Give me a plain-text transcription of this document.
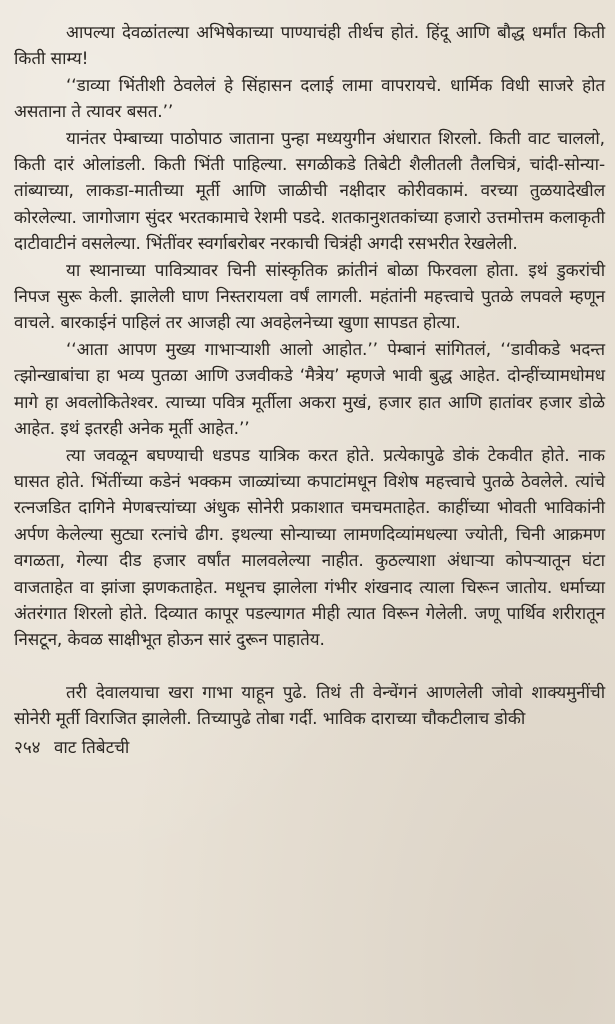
आपल्या देवळांतल्या अभिषेकाच्या पाण्याचंही तीर्थच होतं. हिंदू आणि बौद्ध धर्मांत किती किती साम्य!

‘‘डाव्या भिंतीशी ठेवलेलं हे सिंहासन दलाई लामा वापरायचे. धार्मिक विधी साजरे होत असताना ते त्यावर बसत.’’

यानंतर पेम्बाच्या पाठोपाठ जाताना पुन्हा मध्ययुगीन अंधारात शिरलो. किती वाट चाललो, किती दारं ओलांडली. किती भिंती पाहिल्या. सगळीकडे तिबेटी शैलीतली तैलचित्रं, चांदी-सोन्या-तांब्याच्या, लाकडा-मातीच्या मूर्ती आणि जाळीची नक्षीदार कोरीवकामं. वरच्या तुळयादेखील कोरलेल्या. जागोजाग सुंदर भरतकामाचे रेशमी पडदे. शतकानुशतकांच्या हजारो उत्तमोत्तम कलाकृती दाटीवाटीनं वसलेल्या. भिंतींवर स्वर्गाबरोबर नरकाची चित्रंही अगदी रसभरीत रेखलेली.

या स्थानाच्या पावित्र्यावर चिनी सांस्कृतिक क्रांतीनं बोळा फिरवला होता. इथं डुकरांची निपज सुरू केली. झालेली घाण निस्तरायला वर्षं लागली. महंतांनी महत्त्वाचे पुतळे लपवले म्हणून वाचले. बारकाईनं पाहिलं तर आजही त्या अवहेलनेच्या खुणा सापडत होत्या.

‘‘आता आपण मुख्य गाभाऱ्याशी आलो आहोत.’’ पेम्बानं सांगितलं, ‘‘डावीकडे भदन्त त्झोन्खाबांचा हा भव्य पुतळा आणि उजवीकडे ‘मैत्रेय’ म्हणजे भावी बुद्ध आहेत. दोन्हींच्यामधोमध मागे हा अवलोकितेश्वर. त्याच्या पवित्र मूर्तीला अकरा मुखं, हजार हात आणि हातांवर हजार डोळे आहेत. इथं इतरही अनेक मूर्ती आहेत.’’

त्या जवळून बघण्याची धडपड यात्रिक करत होते. प्रत्येकापुढे डोकं टेकवीत होते. नाक घासत होते. भिंतींच्या कडेनं भक्कम जाळ्यांच्या कपाटांमधून विशेष महत्त्वाचे पुतळे ठेवलेले. त्यांचे रत्नजडित दागिने मेणबत्त्यांच्या अंधुक सोनेरी प्रकाशात चमचमताहेत. काहींच्या भोवती भाविकांनी अर्पण केलेल्या सुट्या रत्नांचे ढीग. इथल्या सोन्याच्या लामणदिव्यांमधल्या ज्योती, चिनी आक्रमण वगळता, गेल्या दीड हजार वर्षांत मालवलेल्या नाहीत. कुठल्याशा अंधाऱ्या कोपऱ्यातून घंटा वाजताहेत वा झांजा झणकताहेत. मधूनच झालेला गंभीर शंखनाद त्याला चिरून जातोय. धर्माच्या अंतरंगात शिरलो होते. दिव्यात कापूर पडल्यागत मीही त्यात विरून गेलेली. जणू पार्थिव शरीरातून निसटून, केवळ साक्षीभूत होऊन सारं दुरून पाहातेय.

तरी देवालयाचा खरा गाभा याहून पुढे. तिथं ती वेन्चेंगनं आणलेली जोवो शाक्यमुनींची सोनेरी मूर्ती विराजित झालेली. तिच्यापुढे तोबा गर्दी. भाविक दाराच्या चौकटीलाच डोकी

२५४ वाट तिबेटची
